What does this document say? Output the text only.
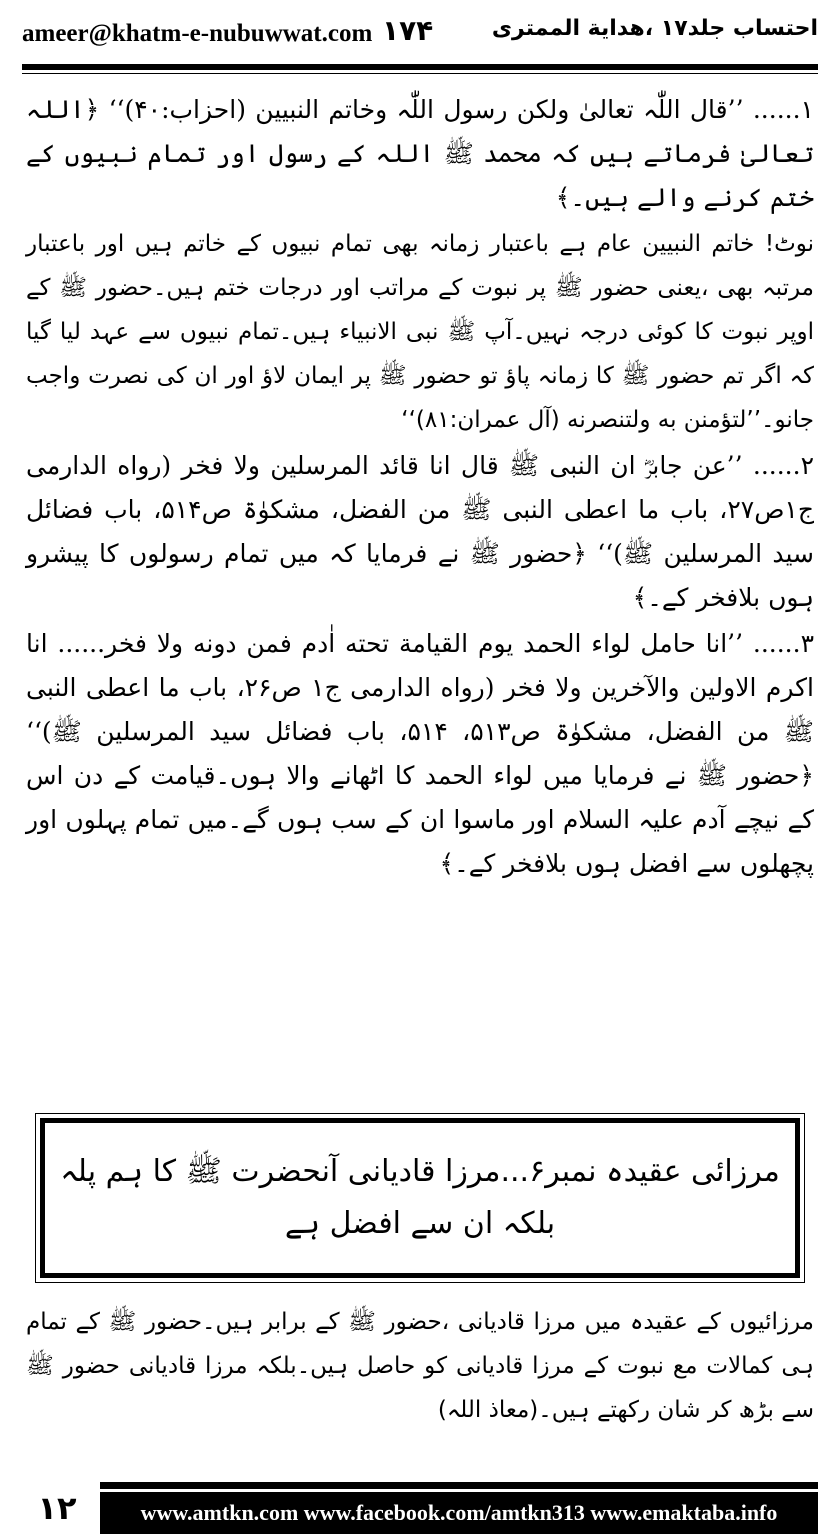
ameer@khatm-e-nubuwwat.com ۱۷۴	احتساب جلد۱۷ ،هدایة الممتری

۱...... ’’قال اللّٰہ تعالیٰ ولکن رسول اللّٰہ وخاتم النبیین (احزاب:۴۰)‘‘ ﴿اللہ تعالیٰ فرماتے ہیں کہ محمد ﷺ اللہ کے رسول اور تمام نبیوں کے ختم کرنے والے ہیں۔﴾

نوٹ! خاتم النبیین عام ہے باعتبار زمانہ بھی تمام نبیوں کے خاتم ہیں اور باعتبار مرتبہ بھی ،یعنی حضور ﷺ پر نبوت کے مراتب اور درجات ختم ہیں۔حضور ﷺ کے اوپر نبوت کا کوئی درجہ نہیں۔آپ ﷺ نبی الانبیاء ہیں۔تمام نبیوں سے عہد لیا گیا کہ اگر تم حضور ﷺ کا زمانہ پاؤ تو حضور ﷺ پر ایمان لاؤ اور ان کی نصرت واجب جانو۔’’لتؤمنن به ولتنصرنه (آل عمران:۸۱)‘‘

۲...... ’’عن جابرؓ ان النبی ﷺ قال انا قائد المرسلین ولا فخر (رواه الدارمی ج۱ص۲۷، باب ما اعطی النبی ﷺ من الفضل، مشکوٰۃ ص۵۱۴، باب فضائل سید المرسلین ﷺ)‘‘ ﴿حضور ﷺ نے فرمایا کہ میں تمام رسولوں کا پیشرو ہوں بلافخر کے۔﴾

۳...... ’’انا حامل لواء الحمد یوم القیامة تحته اٰدم فمن دونه ولا فخر...... انا اکرم الاولین والآخرین ولا فخر (رواه الدارمی ج۱ ص۲۶، باب ما اعطی النبی ﷺ من الفضل، مشکوٰۃ ص۵۱۳، ۵۱۴، باب فضائل سید المرسلین ﷺ)‘‘ ﴿حضور ﷺ نے فرمایا میں لواء الحمد کا اٹھانے والا ہوں۔قیامت کے دن اس کے نیچے آدم علیہ السلام اور ماسوا ان کے سب ہوں گے۔میں تمام پہلوں اور پچھلوں سے افضل ہوں بلافخر کے۔﴾

مرزائی عقیدہ نمبر۶...مرزا قادیانی آنحضرت ﷺ کا ہم پلہ
بلکہ ان سے افضل ہے

مرزائیوں کے عقیدہ میں مرزا قادیانی ،حضور ﷺ کے برابر ہیں۔حضور ﷺ کے تمام ہی کمالات مع نبوت کے مرزا قادیانی کو حاصل ہیں۔بلکہ مرزا قادیانی حضور ﷺ سے بڑھ کر شان رکھتے ہیں۔(معاذ اللہ)

۱۲	www.amtkn.com www.facebook.com/amtkn313 www.emaktaba.info
